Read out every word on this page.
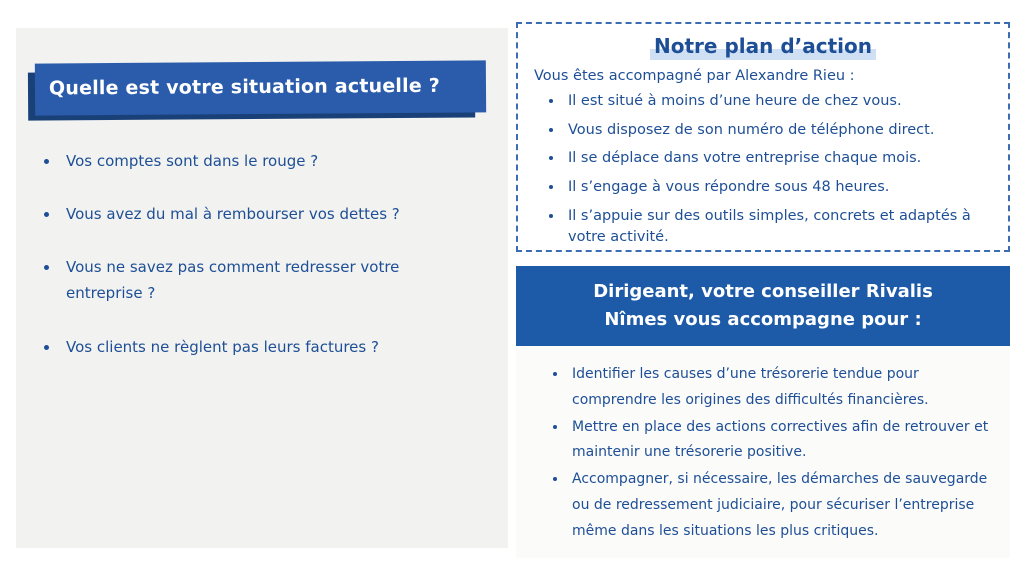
Quelle est votre situation actuelle ?
• Vos comptes sont dans le rouge ?
• Vous avez du mal à rembourser vos dettes ?
• Vous ne savez pas comment redresser votre entreprise ?
• Vos clients ne règlent pas leurs factures ?
Notre plan d’action

Vous êtes accompagné par Alexandre Rieu :

• Il est situé à moins d’une heure de chez vous.
• Vous disposez de son numéro de téléphone direct.
• Il se déplace dans votre entreprise chaque mois.
• Il s’engage à vous répondre sous 48 heures.
• Il s’appuie sur des outils simples, concrets et adaptés à votre activité.
Dirigeant, votre conseiller Rivalis
Nîmes vous accompagne pour :
• Identifier les causes d’une trésorerie tendue pour comprendre les origines des difficultés financières.
• Mettre en place des actions correctives afin de retrouver et maintenir une trésorerie positive.
• Accompagner, si nécessaire, les démarches de sauvegarde ou de redressement judiciaire, pour sécuriser l’entreprise même dans les situations les plus critiques.
